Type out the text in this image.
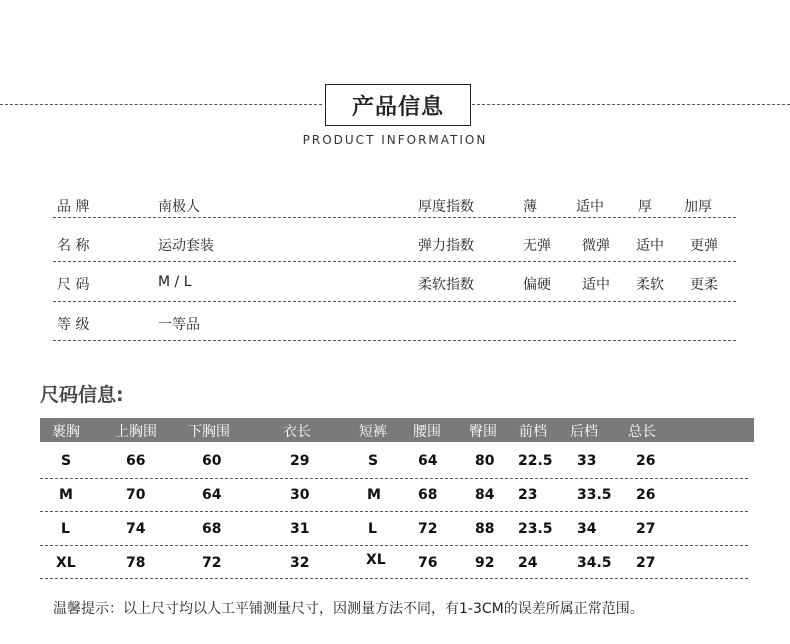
产品信息
PRODUCT INFORMATION
品 牌	南极人	厚度指数	薄	适中 厚 加厚
名 称	运动套装	弹力指数	无弹 微弹 适中 更弹
尺 码	M / L	柔软指数	偏硬 适中 柔软 更柔
等 级	一等品
尺码信息:
裹胸	上胸围 下胸围	衣长	短裤 腰围 臀围 前档 后档 总长
S	66	60	29	S	64	80 22.5 33	26
M	70	64	30	M	68	84 23	33.5 26
L	74	68	31	L	72	88 23.5 34	27
XL	78	72	32	XL 76	92 24	34.5 27
温馨提示：以上尺寸均以人工平铺测量尺寸，因测量方法不同，有1-3CM的误差所属正常范围。
